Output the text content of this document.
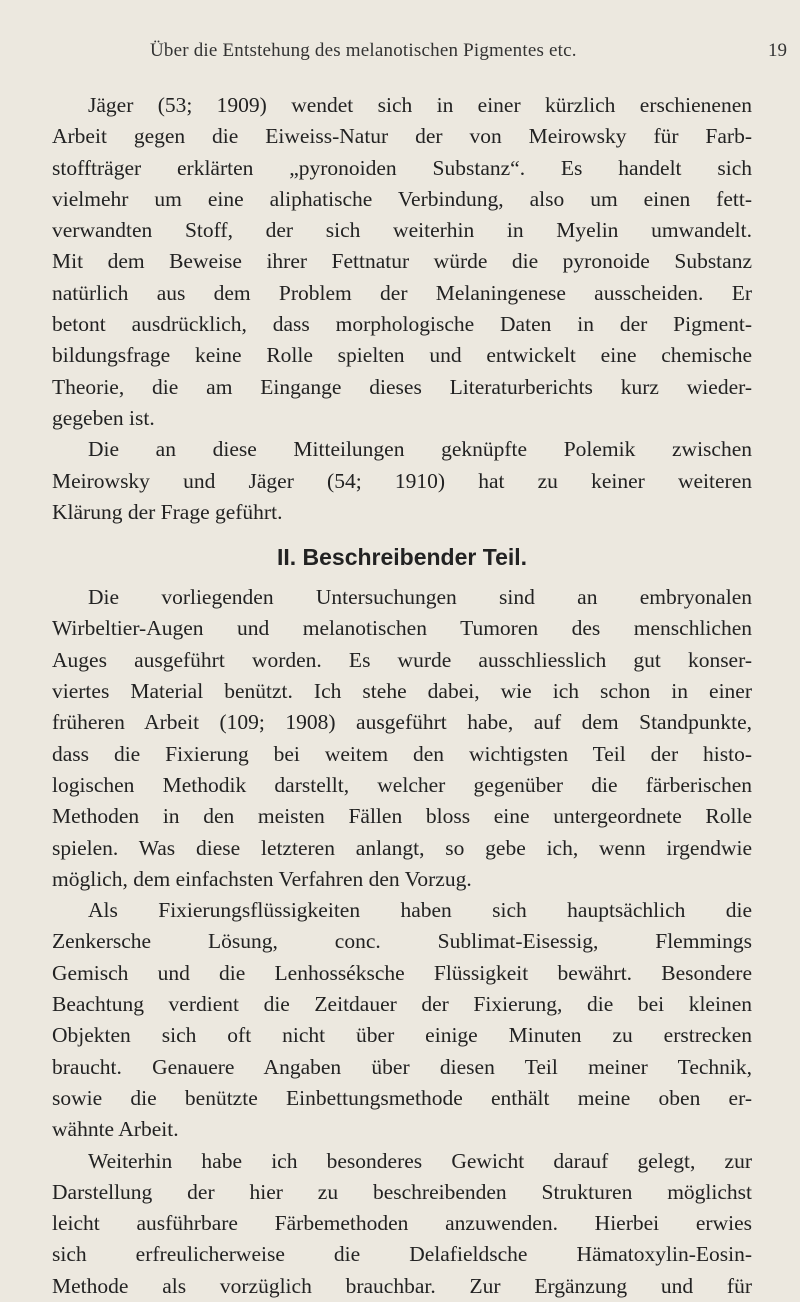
Über die Entstehung des melanotischen Pigmentes etc.	19
Jäger (53; 1909) wendet sich in einer kürzlich erschienenen
Arbeit gegen die Eiweiss-Natur der von Meirowsky für Farb-
stoffträger erklärten „pyronoiden Substanz“. Es handelt sich
vielmehr um eine aliphatische Verbindung, also um einen fett-
verwandten Stoff, der sich weiterhin in Myelin umwandelt.
Mit dem Beweise ihrer Fettnatur würde die pyronoide Substanz
natürlich aus dem Problem der Melaningenese ausscheiden. Er
betont ausdrücklich, dass morphologische Daten in der Pigment-
bildungsfrage keine Rolle spielten und entwickelt eine chemische
Theorie, die am Eingange dieses Literaturberichts kurz wieder-
gegeben ist.
Die an diese Mitteilungen geknüpfte Polemik zwischen
Meirowsky und Jäger (54; 1910) hat zu keiner weiteren
Klärung der Frage geführt.
II. Beschreibender Teil.
Die vorliegenden Untersuchungen sind an embryonalen
Wirbeltier-Augen und melanotischen Tumoren des menschlichen
Auges ausgeführt worden. Es wurde ausschliesslich gut konser-
viertes Material benützt. Ich stehe dabei, wie ich schon in einer
früheren Arbeit (109; 1908) ausgeführt habe, auf dem Standpunkte,
dass die Fixierung bei weitem den wichtigsten Teil der histo-
logischen Methodik darstellt, welcher gegenüber die färberischen
Methoden in den meisten Fällen bloss eine untergeordnete Rolle
spielen. Was diese letzteren anlangt, so gebe ich, wenn irgendwie
möglich, dem einfachsten Verfahren den Vorzug.
Als Fixierungsflüssigkeiten haben sich hauptsächlich die
Zenkersche Lösung, conc. Sublimat-Eisessig, Flemmings
Gemisch und die Lenhossékschе Flüssigkeit bewährt. Besondere
Beachtung verdient die Zeitdauer der Fixierung, die bei kleinen
Objekten sich oft nicht über einige Minuten zu erstrecken
braucht. Genauere Angaben über diesen Teil meiner Technik,
sowie die benützte Einbettungsmethode enthält meine oben er-
wähnte Arbeit.
Weiterhin habe ich besonderes Gewicht darauf gelegt, zur
Darstellung der hier zu beschreibenden Strukturen möglichst
leicht ausführbare Färbemethoden anzuwenden. Hierbei erwies
sich erfreulicherweise die Delafieldsche Hämatoxylin-Eosin-
Methode als vorzüglich brauchbar. Zur Ergänzung und für
